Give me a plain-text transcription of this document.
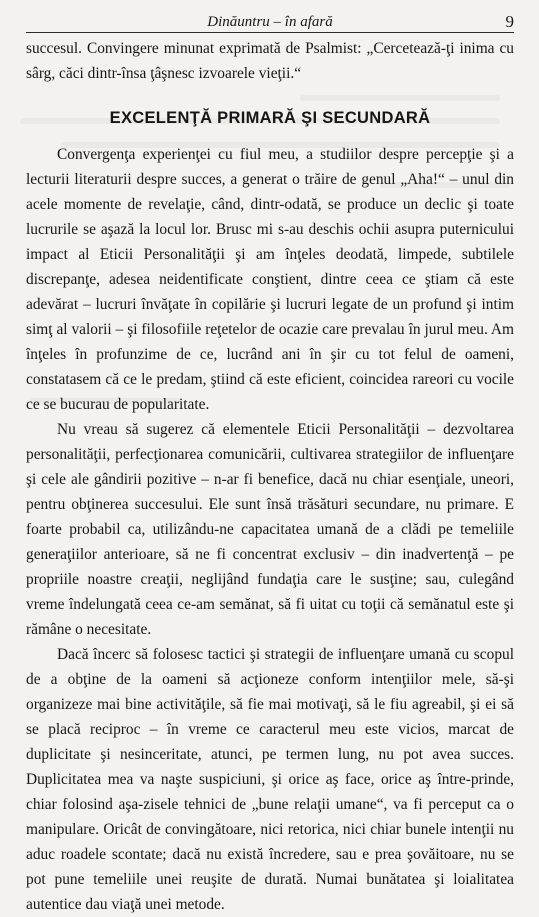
Dinăuntru – în afară	9

succesul. Convingere minunat exprimată de Psalmist: „Cercetează-ţi inima cu sârg, căci dintr-însa ţâşnesc izvoarele vieţii.“

EXCELENŢĂ PRIMARĂ ŞI SECUNDARĂ

Convergenţa experienţei cu fiul meu, a studiilor despre percepţie şi a lecturii literaturii despre succes, a generat o trăire de genul „Aha!“ – unul din acele momente de revelaţie, când, dintr-odată, se produce un declic şi toate lucrurile se aşază la locul lor. Brusc mi s-au deschis ochii asupra puternicului impact al Eticii Personalităţii şi am înţeles deodată, limpede, subtilele discrepanţe, adesea neidentificate conştient, dintre ceea ce ştiam că este adevărat – lucruri învăţate în copilărie şi lucruri legate de un profund şi intim simţ al valorii – şi filosofiile reţetelor de ocazie care prevalau în jurul meu. Am înţeles în profunzime de ce, lucrând ani în şir cu tot felul de oameni, constatasem că ce le predam, ştiind că este eficient, coincidea rareori cu vocile ce se bucurau de popularitate.

Nu vreau să sugerez că elementele Eticii Personalităţii – dezvoltarea personalităţii, perfecţionarea comunicării, cultivarea strategiilor de influenţare şi cele ale gândirii pozitive – n-ar fi benefice, dacă nu chiar esenţiale, uneori, pentru obţinerea succesului. Ele sunt însă trăsături secundare, nu primare. E foarte probabil ca, utilizându-ne capacitatea umană de a clădi pe temeliile generaţiilor anterioare, să ne fi concentrat exclusiv – din inadvertenţă – pe propriile noastre creaţii, neglijând fundaţia care le susţine; sau, culegând vreme îndelungată ceea ce-am semănat, să fi uitat cu toţii că semănatul este şi rămâne o necesitate.

Dacă încerc să folosesc tactici şi strategii de influenţare umană cu scopul de a obţine de la oameni să acţioneze conform intenţiilor mele, să-şi organizeze mai bine activităţile, să fie mai motivaţi, să le fiu agreabil, şi ei să se placă reciproc – în vreme ce caracterul meu este vicios, marcat de duplicitate şi nesinceritate, atunci, pe termen lung, nu pot avea succes. Duplicitatea mea va naşte suspiciuni, şi orice aş face, orice aş între-prinde, chiar folosind aşa-zisele tehnici de „bune relaţii umane“, va fi perceput ca o manipulare. Oricât de convingătoare, nici retorica, nici chiar bunele intenţii nu aduc roadele scontate; dacă nu există încredere, sau e prea şovăitoare, nu se pot pune temeliile unei reuşite de durată. Numai bunătatea şi loialitatea autentice dau viaţă unei metode.
